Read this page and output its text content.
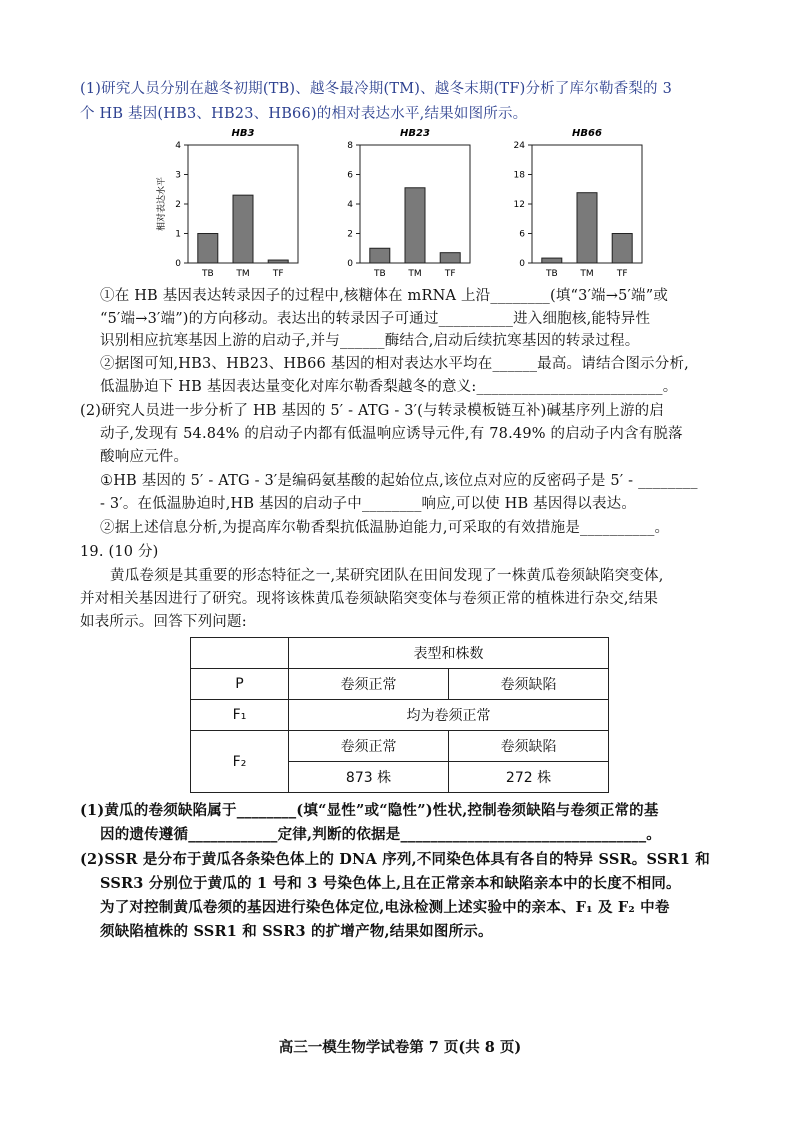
(1)研究人员分别在越冬初期(TB)、越冬最冷期(TM)、越冬末期(TF)分析了库尔勒香梨的 3
个 HB 基因(HB3、HB23、HB66)的相对表达水平,结果如图所示。
HB3
0
1
2
3
4
TB	TM	TF
相对表达水平
HB23
0
2
4
6
8
TB	TM	TF
HB66
0
6
12
18
24
TB	TM	TF
①在 HB 基因表达转录因子的过程中,核糖体在 mRNA 上沿________(填“3′端→5′端”或
“5′端→3′端”)的方向移动。表达出的转录因子可通过__________进入细胞核,能特异性
识别相应抗寒基因上游的启动子,并与______酶结合,启动后续抗寒基因的转录过程。
②据图可知,HB3、HB23、HB66 基因的相对表达水平均在______最高。请结合图示分析,
低温胁迫下 HB 基因表达量变化对库尔勒香梨越冬的意义:_________________________。
(2)研究人员进一步分析了 HB 基因的 5′ - ATG - 3′(与转录模板链互补)碱基序列上游的启
动子,发现有 54.84% 的启动子内都有低温响应诱导元件,有 78.49% 的启动子内含有脱落
酸响应元件。
①HB 基因的 5′ - ATG - 3′是编码氨基酸的起始位点,该位点对应的反密码子是 5′ - ________
- 3′。在低温胁迫时,HB 基因的启动子中________响应,可以使 HB 基因得以表达。
②据上述信息分析,为提高库尔勒香梨抗低温胁迫能力,可采取的有效措施是__________。
19. (10 分)
黄瓜卷须是其重要的形态特征之一,某研究团队在田间发现了一株黄瓜卷须缺陷突变体,
并对相关基因进行了研究。现将该株黄瓜卷须缺陷突变体与卷须正常的植株进行杂交,结果
如表所示。回答下列问题:
	表型和株数	
P	卷须正常	卷须缺陷
F₁	均为卷须正常	
F₂	卷须正常	卷须缺陷
	873 株	272 株
(1)黄瓜的卷须缺陷属于________(填“显性”或“隐性”)性状,控制卷须缺陷与卷须正常的基
因的遗传遵循____________定律,判断的依据是_________________________________。
(2)SSR 是分布于黄瓜各条染色体上的 DNA 序列,不同染色体具有各自的特异 SSR。SSR1 和
SSR3 分别位于黄瓜的 1 号和 3 号染色体上,且在正常亲本和缺陷亲本中的长度不相同。
为了对控制黄瓜卷须的基因进行染色体定位,电泳检测上述实验中的亲本、F₁ 及 F₂ 中卷
须缺陷植株的 SSR1 和 SSR3 的扩增产物,结果如图所示。
高三一模生物学试卷第 7 页(共 8 页)
